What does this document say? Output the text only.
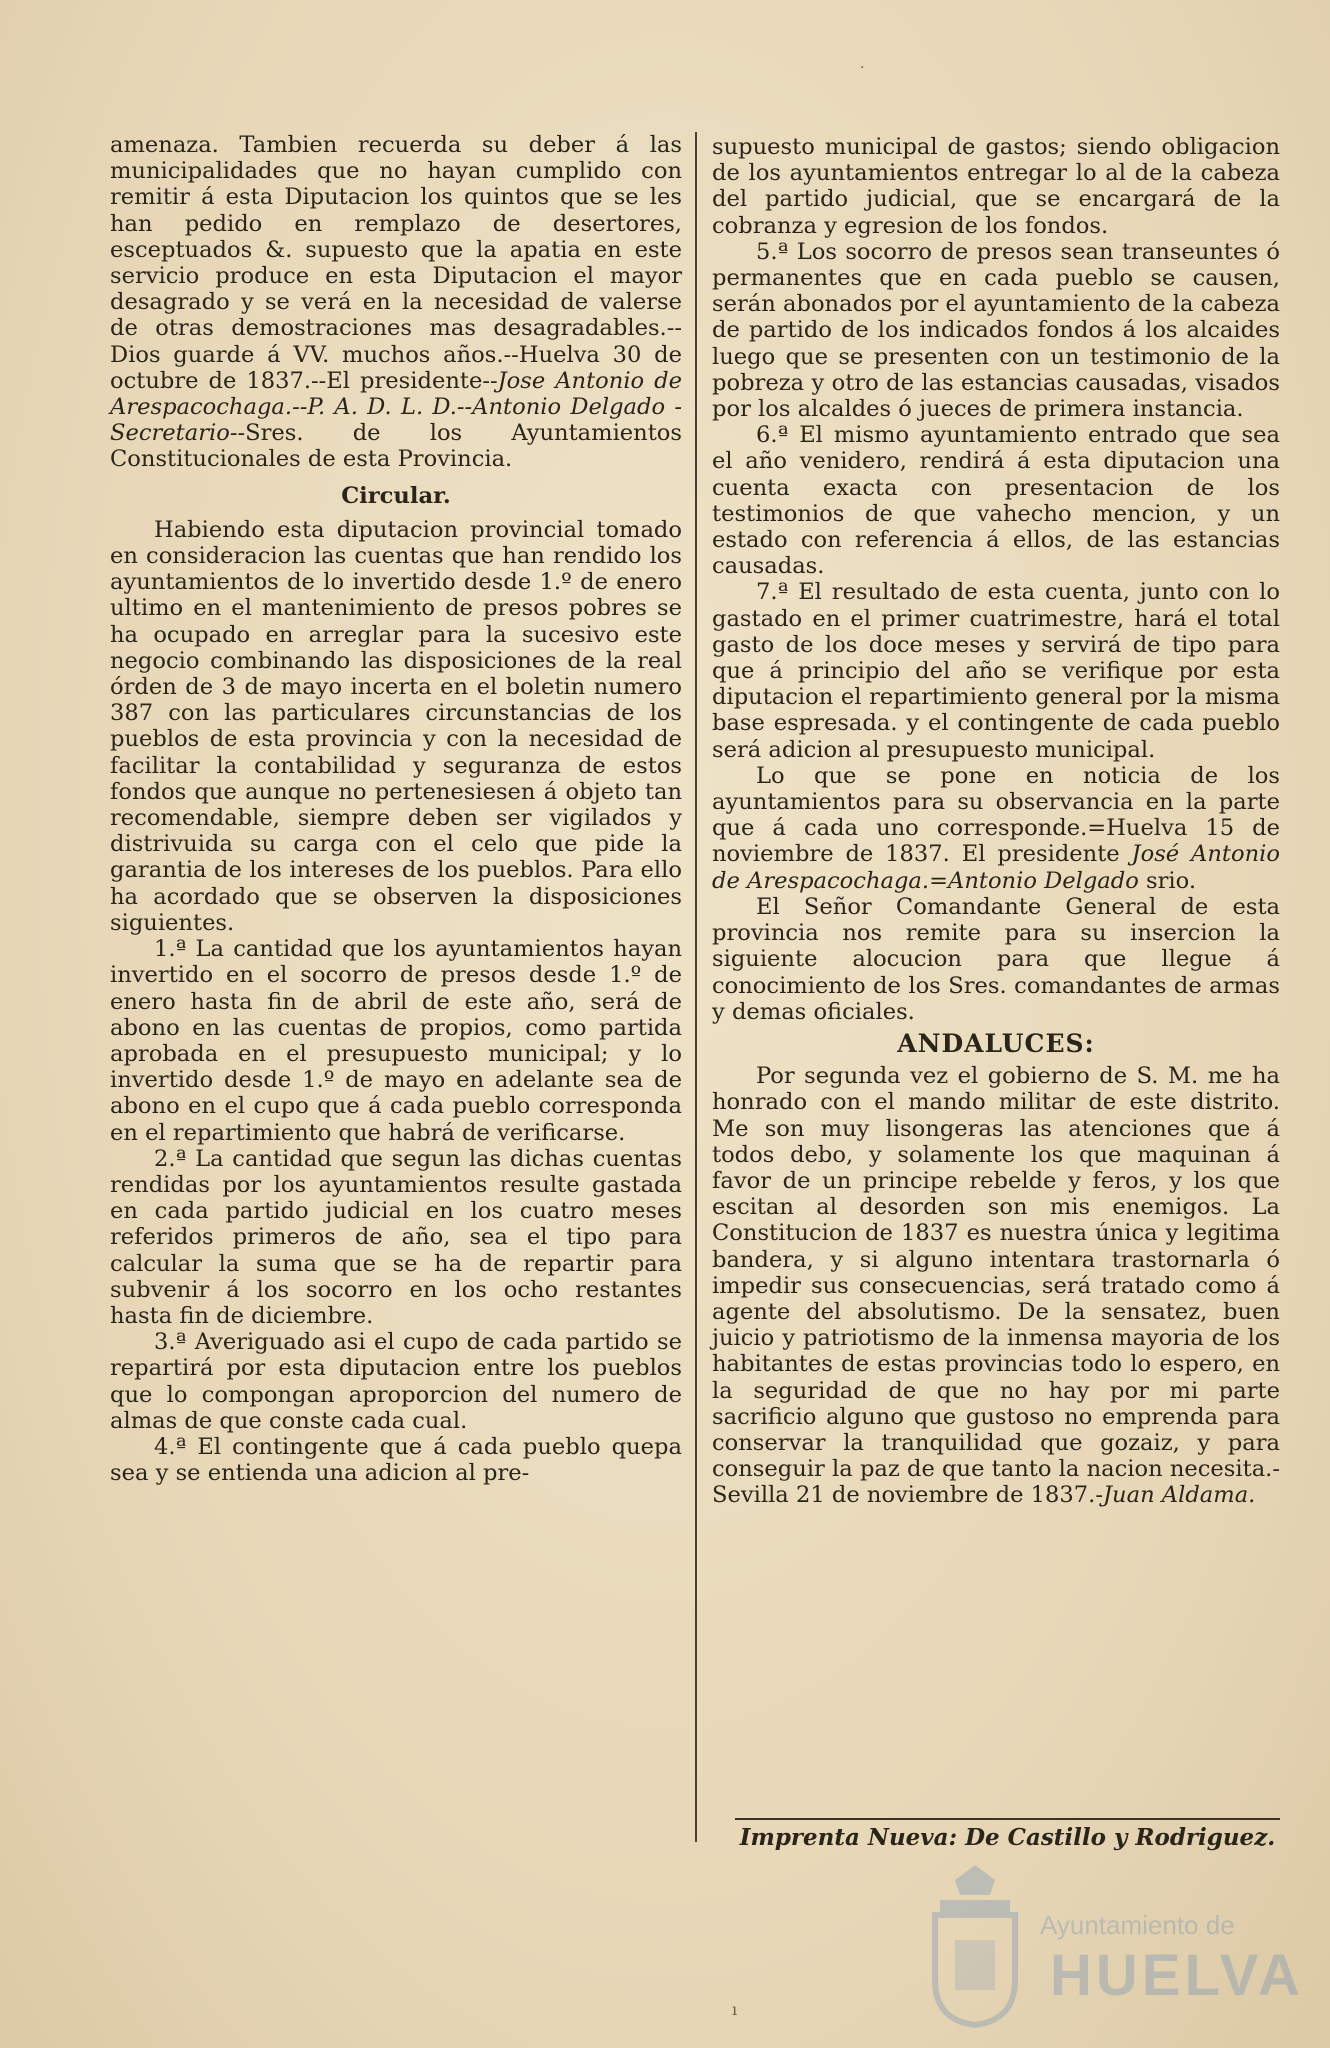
·

amenaza. Tambien recuerda su deber á las municipalidades que no hayan cumplido con remitir á esta Diputacion los quintos que se les han pedido en remplazo de desertores, esceptuados &. supuesto que la apatia en este servicio produce en esta Diputacion el mayor desagrado y se verá en la necesidad de valerse de otras demostraciones mas desagradables.--Dios guarde á VV. muchos años.--Huelva 30 de octubre de 1837.--El presidente--Jose Antonio de Arespacochaga.--P. A. D. L. D.--Antonio Delgado -Secretario--Sres. de los Ayuntamientos Constitucionales de esta Provincia.

Circular.

Habiendo esta diputacion provincial tomado en consideracion las cuentas que han rendido los ayuntamientos de lo invertido desde 1.º de enero ultimo en el mantenimiento de presos pobres se ha ocupado en arreglar para la sucesivo este negocio combinando las disposiciones de la real órden de 3 de mayo incerta en el boletin numero 387 con las particulares circunstancias de los pueblos de esta provincia y con la necesidad de facilitar la contabilidad y seguranza de estos fondos que aunque no pertenesiesen á objeto tan recomendable, siempre deben ser vigilados y distrivuida su carga con el celo que pide la garantia de los intereses de los pueblos. Para ello ha acordado que se observen la disposiciones siguientes.

1.ª La cantidad que los ayuntamientos hayan invertido en el socorro de presos desde 1.º de enero hasta fin de abril de este año, será de abono en las cuentas de propios, como partida aprobada en el presupuesto municipal; y lo invertido desde 1.º de mayo en adelante sea de abono en el cupo que á cada pueblo corresponda en el repartimiento que habrá de verificarse.

2.ª La cantidad que segun las dichas cuentas rendidas por los ayuntamientos resulte gastada en cada partido judicial en los cuatro meses referidos primeros de año, sea el tipo para calcular la suma que se ha de repartir para subvenir á los socorro en los ocho restantes hasta fin de diciembre.

3.ª Averiguado asi el cupo de cada partido se repartirá por esta diputacion entre los pueblos que lo compongan aproporcion del numero de almas de que conste cada cual.

4.ª El contingente que á cada pueblo quepa sea y se entienda una adicion al pre-

supuesto municipal de gastos; siendo obligacion de los ayuntamientos entregar lo al de la cabeza del partido judicial, que se encargará de la cobranza y egresion de los fondos.

5.ª Los socorro de presos sean transeuntes ó permanentes que en cada pueblo se causen, serán abonados por el ayuntamiento de la cabeza de partido de los indicados fondos á los alcaides luego que se presenten con un testimonio de la pobreza y otro de las estancias causadas, visados por los alcaldes ó jueces de primera instancia.

6.ª El mismo ayuntamiento entrado que sea el año venidero, rendirá á esta diputacion una cuenta exacta con presentacion de los testimonios de que vahecho mencion, y un estado con referencia á ellos, de las estancias causadas.

7.ª El resultado de esta cuenta, junto con lo gastado en el primer cuatrimestre, hará el total gasto de los doce meses y servirá de tipo para que á principio del año se verifique por esta diputacion el repartimiento general por la misma base espresada. y el contingente de cada pueblo será adicion al presupuesto municipal.

Lo que se pone en noticia de los ayuntamientos para su observancia en la parte que á cada uno corresponde.=Huelva 15 de noviembre de 1837. El presidente José Antonio de Arespacochaga.=Antonio Delgado srio.

El Señor Comandante General de esta provincia nos remite para su insercion la siguiente alocucion para que llegue á conocimiento de los Sres. comandantes de armas y demas oficiales.

ANDALUCES:

Por segunda vez el gobierno de S. M. me ha honrado con el mando militar de este distrito. Me son muy lisongeras las atenciones que á todos debo, y solamente los que maquinan á favor de un principe rebelde y feros, y los que escitan al desorden son mis enemigos. La Constitucion de 1837 es nuestra única y legitima bandera, y si alguno intentara trastornarla ó impedir sus consecuencias, será tratado como á agente del absolutismo. De la sensatez, buen juicio y patriotismo de la inmensa mayoria de los habitantes de estas provincias todo lo espero, en la seguridad de que no hay por mi parte sacrificio alguno que gustoso no emprenda para conservar la tranquilidad que gozaiz, y para conseguir la paz de que tanto la nacion necesita.-Sevilla 21 de noviembre de 1837.-Juan Aldama.

Imprenta Nueva: De Castillo y Rodriguez.
Ayuntamiento de
HUELVA
ı
